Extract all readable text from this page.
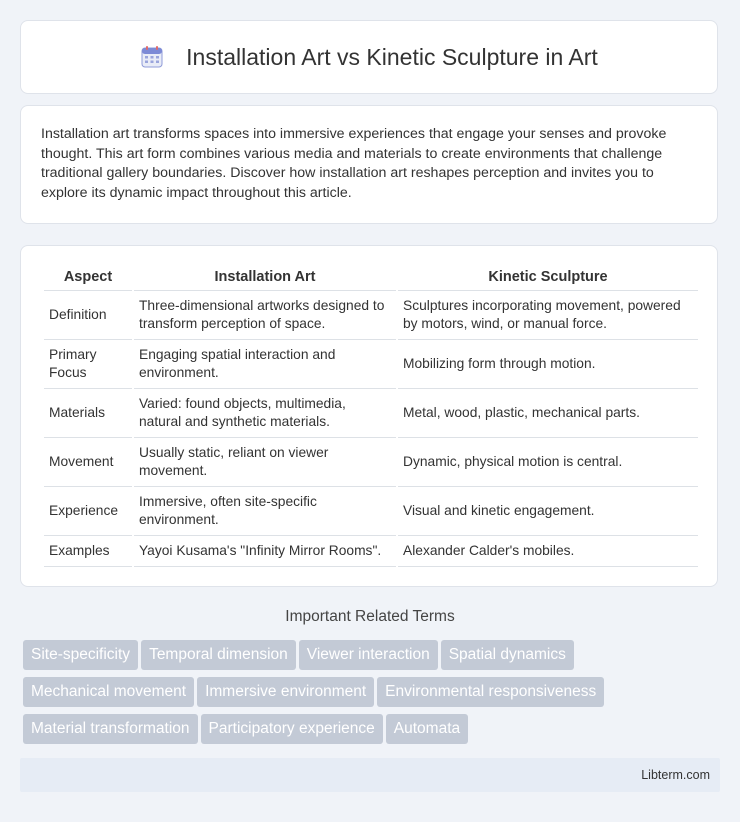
Installation Art vs Kinetic Sculpture in Art

Installation art transforms spaces into immersive experiences that engage your senses and provoke thought. This art form combines various media and materials to create environments that challenge traditional gallery boundaries. Discover how installation art reshapes perception and invites you to explore its dynamic impact throughout this article.

Aspect	Installation Art	Kinetic Sculpture
Definition	Three-dimensional artworks designed to transform perception of space.	Sculptures incorporating movement, powered by motors, wind, or manual force.
Primary Focus	Engaging spatial interaction and environment.	Mobilizing form through motion.
Materials	Varied: found objects, multimedia, natural and synthetic materials.	Metal, wood, plastic, mechanical parts.
Movement	Usually static, reliant on viewer movement.	Dynamic, physical motion is central.
Experience	Immersive, often site-specific environment.	Visual and kinetic engagement.
Examples	Yayoi Kusama's "Infinity Mirror Rooms".	Alexander Calder's mobiles.
Important Related Terms
Site-specificity Temporal dimension Viewer interaction Spatial dynamics
Mechanical movement Immersive environment Environmental responsiveness
Material transformation Participatory experience Automata
Libterm.com
